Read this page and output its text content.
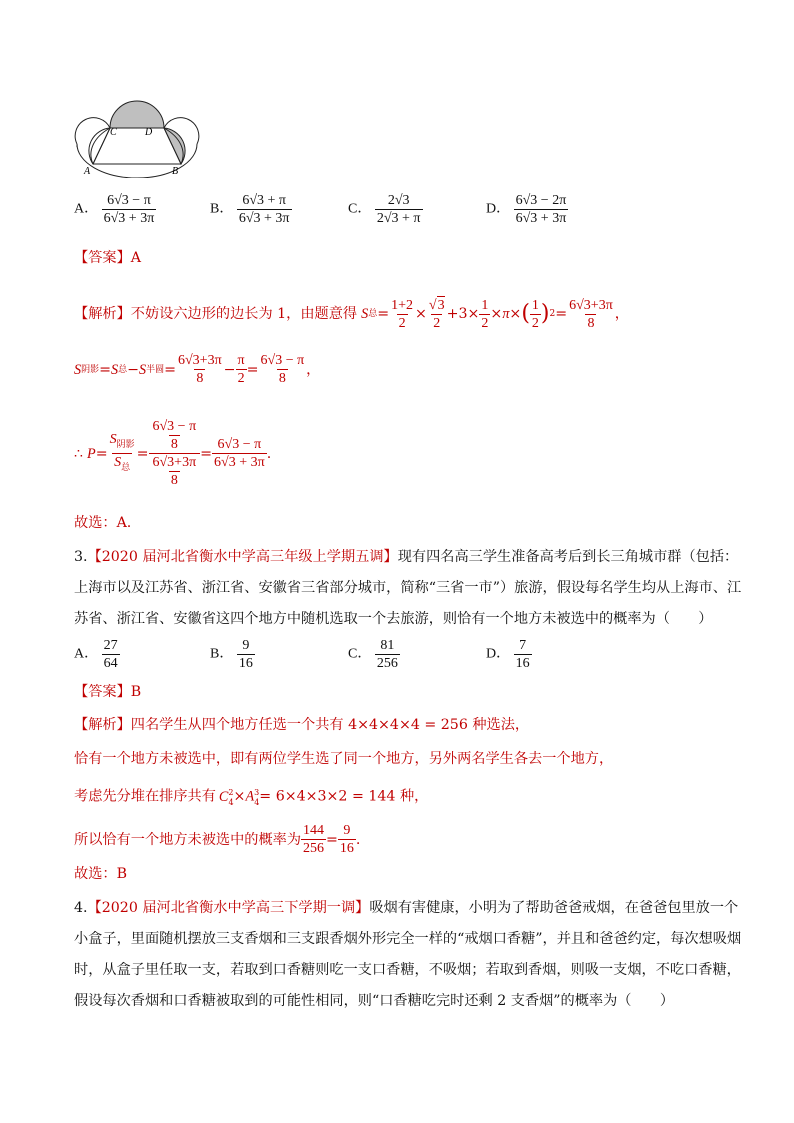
C	D
A	B
A． $\frac{6√3 - \pi}{6√3 + 3\pi}$	B． $\frac{6√3 + \pi}{6√3 + 3\pi}$	C． $\frac{2√3}{2√3 + \pi}$	D． $\frac{6√3 - 2\pi}{6√3 + 3\pi}$
【答案】A
【解析】 不妨设六边形的边长为 1，由题意得 S 总 = $\frac{1+2}{2} \times \frac{√3}{2} +3\times \frac{1}{2} \times \pi$ × ( $\frac{1}{2}$ ) $2 = \frac{6√3+3\pi}{8}$ ，
S 阴影 = S 总 − S 半圆 = $\frac{6√3+3\pi}{8} - \frac{\pi}{2} = \frac{6√3 - \pi}{8}$ ，
∴ $P = \frac{S_{阴影}}{S_总} = \frac{\frac{6√3 - \pi}{8}}{\frac{6√3+3\pi}{8}} = \frac{6√3 - \pi}{6√3 + 3\pi}$ .
故选：A.
3.【2020 届河北省衡水中学高三年级上学期五调】现有四名高三学生准备高考后到长三角城市群（包括：
上海市以及江苏省、浙江省、安徽省三省部分城市，简称“三省一市”）旅游，假设每名学生均从上海市、江
苏省、浙江省、安徽省这四个地方中随机选取一个去旅游，则恰有一个地方未被选中的概率为（　　）
A． $\frac{27}{64}$	B． $\frac{9}{16}$	C． $\frac{81}{256}$	D． $\frac{7}{16}$
【答案】B
【解析】四名学生从四个地方任选一个共有 4×4×4×4 = 256 种选法，
恰有一个地方未被选中，即有两位学生选了同一个地方，另外两名学生各去一个地方，
考虑先分堆在排序共有 $C^2_4\times A^3_4= 6\times 4\times 3\times 2 = 144$ 种，
所以恰有一个地方未被选中的概率为 $\frac{144}{256} = \frac{9}{16}$ .
故选：B
4.【2020 届河北省衡水中学高三下学期一调】吸烟有害健康，小明为了帮助爸爸戒烟，在爸爸包里放一个
小盒子，里面随机摆放三支香烟和三支跟香烟外形完全一样的“戒烟口香糖”，并且和爸爸约定，每次想吸烟
时，从盒子里任取一支，若取到口香糖则吃一支口香糖，不吸烟；若取到香烟，则吸一支烟，不吃口香糖，
假设每次香烟和口香糖被取到的可能性相同，则“口香糖吃完时还剩 2 支香烟”的概率为（　　）
